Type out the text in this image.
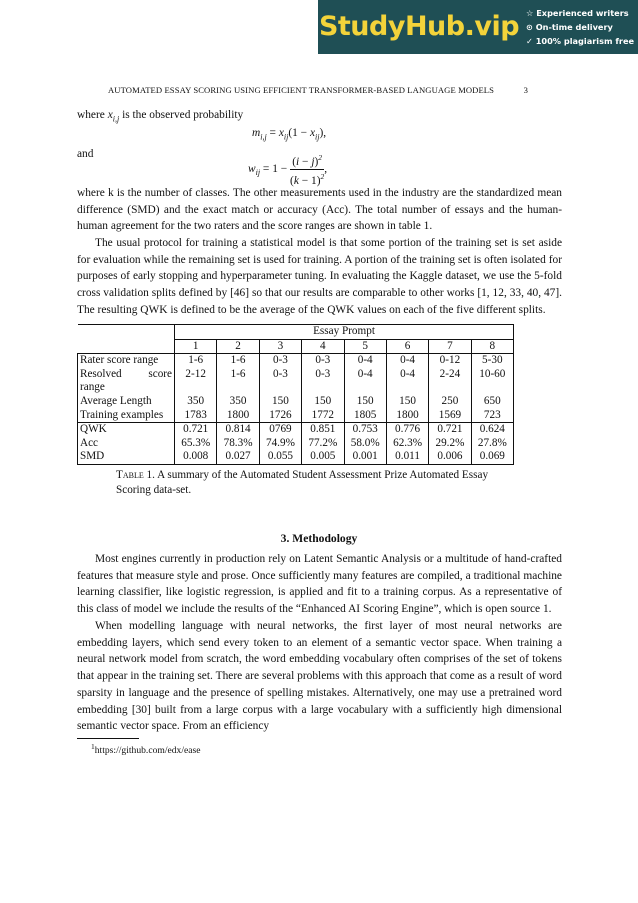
StudyHub.vip ☆ Experienced writers
⊙ On-time delivery
✓ 100% plagiarism free
AUTOMATED ESSAY SCORING USING EFFICIENT TRANSFORMER-BASED LANGUAGE MODELS	3
where $x_{i,j}$ is the observed probability
$m_{i,j} = x_{ij}(1 - x_{ij})$,
and
$w_{ij} = 1 - \frac{(i - j)^2}{(k - 1)^2}$ ,
where k is the number of classes. The other measurements used in the industry are the standardized mean difference (SMD) and the exact match or accuracy (Acc). The total number of essays and the human-human agreement for the two raters and the score ranges are shown in table 1.
The usual protocol for training a statistical model is that some portion of the training set is set aside for evaluation while the remaining set is used for training. A portion of the training set is often isolated for purposes of early stopping and hyperparameter tuning. In evaluating the Kaggle dataset, we use the 5-fold cross validation splits defined by [46] so that our results are comparable to other works [1, 12, 33, 40, 47]. The resulting QWK is defined to be the average of the QWK values on each of the five different splits.
	Essay Prompt							
	1	2	3	4	5	6	7	8
Rater score range	1-6	1-6	0-3	0-3	0-4	0-4	0-12	5-30
Resolved score range	2-12	1-6	0-3	0-3	0-4	0-4	2-24	10-60
Average Length	350	350	150	150	150	150	250	650
Training examples	1783	1800	1726	1772	1805	1800	1569	723
QWK	0.721	0.814	0769	0.851	0.753	0.776	0.721	0.624
Acc	65.3%	78.3%	74.9%	77.2%	58.0%	62.3%	29.2%	27.8%
SMD	0.008	0.027	0.055	0.005	0.001	0.011	0.006	0.069
Table 1. A summary of the Automated Student Assessment Prize Automated Essay Scoring data-set.
3. Methodology
Most engines currently in production rely on Latent Semantic Analysis or a multitude of hand-crafted features that measure style and prose. Once sufficiently many features are compiled, a traditional machine learning classifier, like logistic regression, is applied and fit to a training corpus. As a representative of this class of model we include the results of the “Enhanced AI Scoring Engine”, which is open source 1.
When modelling language with neural networks, the first layer of most neural networks are embedding layers, which send every token to an element of a semantic vector space. When training a neural network model from scratch, the word embedding vocabulary often comprises of the set of tokens that appear in the training set. There are several problems with this approach that come as a result of word sparsity in language and the presence of spelling mistakes. Alternatively, one may use a pretrained word embedding [30] built from a large corpus with a large vocabulary with a sufficiently high dimensional semantic vector space. From an efficiency
$^1$https://github.com/edx/ease
